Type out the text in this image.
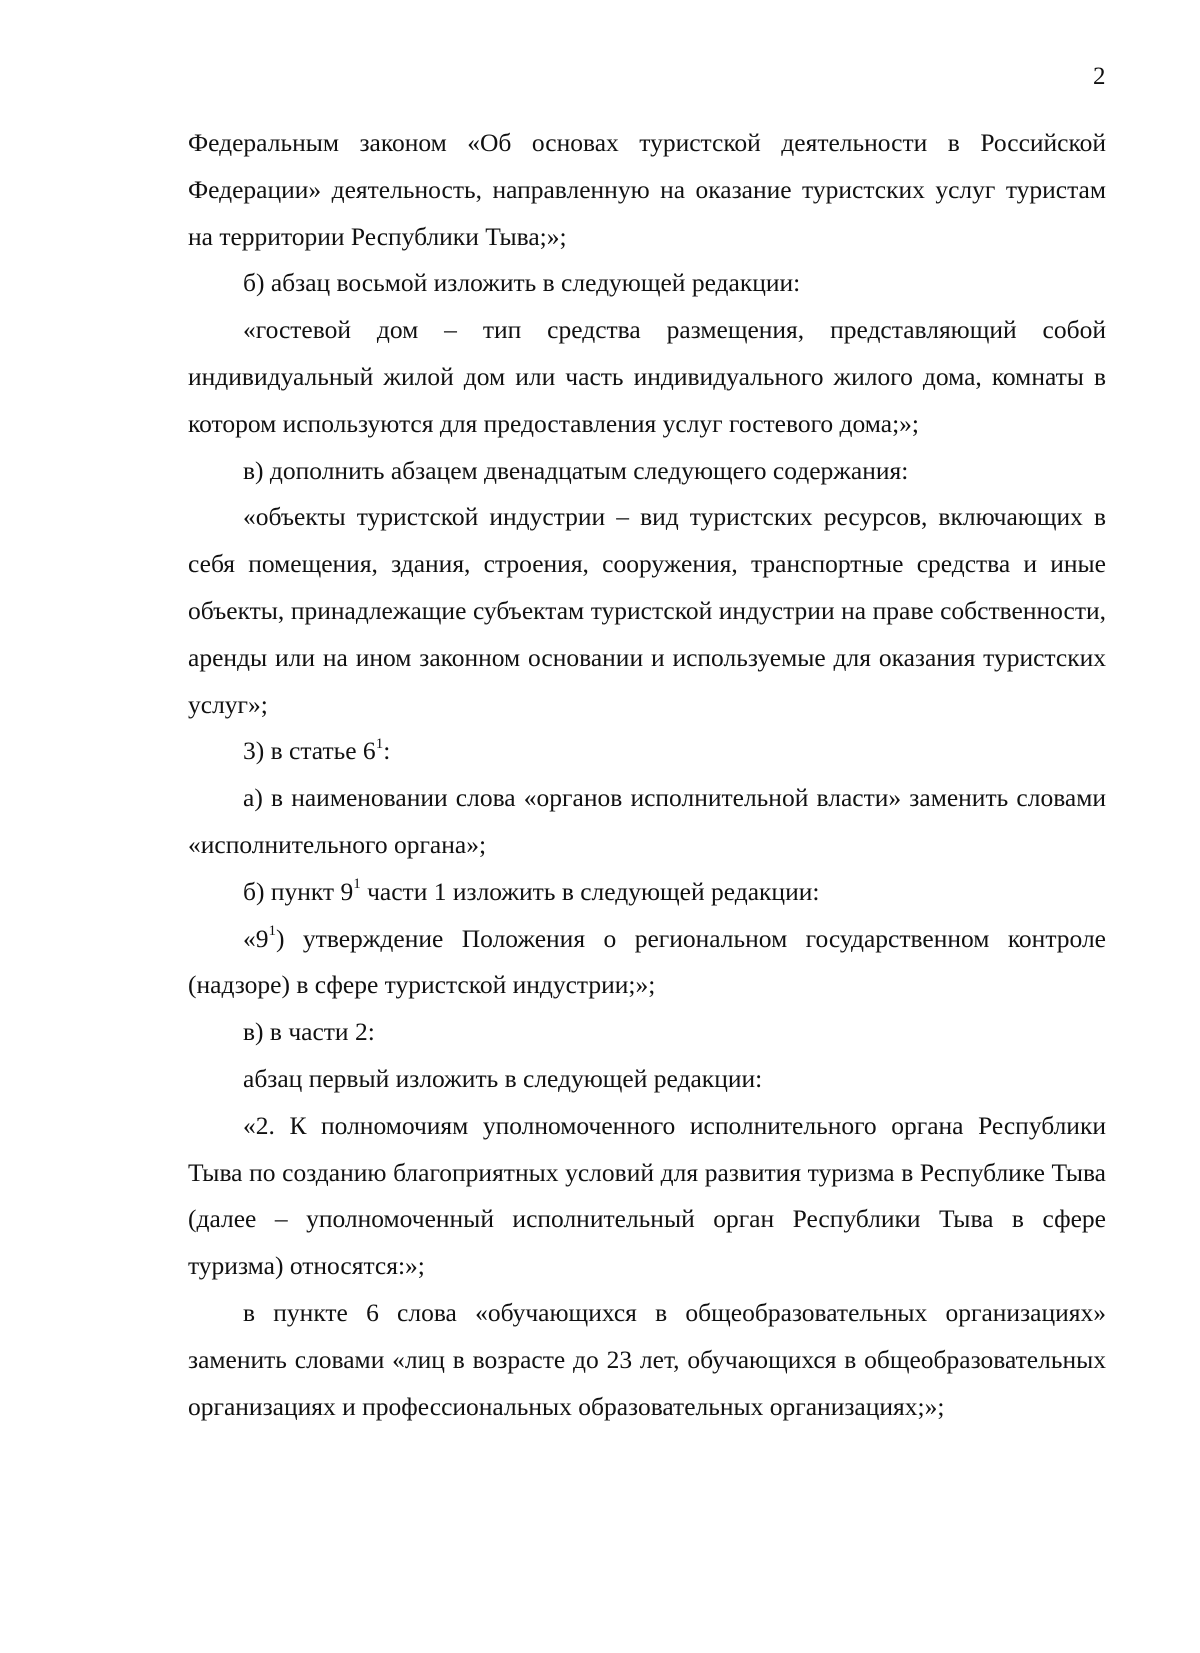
2

Федеральным законом «Об основах туристской деятельности в Российской Федерации» деятельность, направленную на оказание туристских услуг туристам на территории Республики Тыва;»;

б) абзац восьмой изложить в следующей редакции:

«гостевой дом – тип средства размещения, представляющий собой индивидуальный жилой дом или часть индивидуального жилого дома, комнаты в котором используются для предоставления услуг гостевого дома;»;

в) дополнить абзацем двенадцатым следующего содержания:

«объекты туристской индустрии – вид туристских ресурсов, включающих в себя помещения, здания, строения, сооружения, транспортные средства и иные объекты, принадлежащие субъектам туристской индустрии на праве собственности, аренды или на ином законном основании и используемые для оказания туристских услуг»;

3) в статье $6^1$:

а) в наименовании слова «органов исполнительной власти» заменить словами «исполнительного органа»;

б) пункт $9^1$ части 1 изложить в следующей редакции:

«$9^1$) утверждение Положения о региональном государственном контроле (надзоре) в сфере туристской индустрии;»;

в) в части 2:

абзац первый изложить в следующей редакции:

«2. К полномочиям уполномоченного исполнительного органа Республики Тыва по созданию благоприятных условий для развития туризма в Республике Тыва (далее – уполномоченный исполнительный орган Республики Тыва в сфере туризма) относятся:»;

в пункте 6 слова «обучающихся в общеобразовательных организациях» заменить словами «лиц в возрасте до 23 лет, обучающихся в общеобразовательных организациях и профессиональных образовательных организациях;»;
